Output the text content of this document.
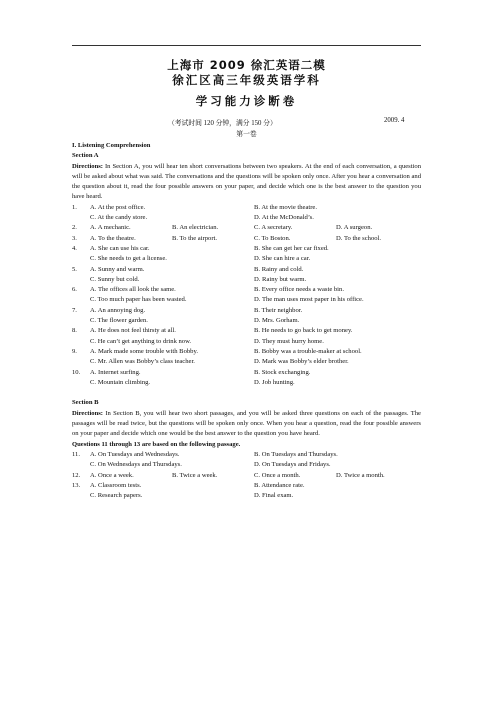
上海市 2009 徐汇英语二模
徐汇区高三年级英语学科
学习能力诊断卷
（考试时间 120 分钟，满分 150 分）	2009. 4
第一卷
I. Listening Comprehension
Section A
Directions: In Section A, you will hear ten short conversations between two speakers. At the end of each conversation, a question will be asked about what was said. The conversations and the questions will be spoken only once. After you hear a conversation and the question about it, read the four possible answers on your paper, and decide which one is the best answer to the question you have heard.
1.	A. At the post office.	B. At the movie theatre.
C. At the candy store.	D. At the McDonald’s.
2.	A. A mechanic.	B. An electrician.	C. A secretary.	D. A surgeon.
3.	A. To the theatre.	B. To the airport.	C. To Boston.	D. To the school.
4.	A. She can use his car.	B. She can get her car fixed.
C. She needs to get a license.	D. She can hire a car.
5.	A. Sunny and warm.	B. Rainy and cold.
C. Sunny but cold.	D. Rainy but warm.
6.	A. The offices all look the same.	B. Every office needs a waste bin.
C. Too much paper has been wasted.	D. The man uses most paper in his office.
7.	A. An annoying dog.	B. Their neighbor.
C. The flower garden.	D. Mrs. Gorham.
8.	A. He does not feel thirsty at all.	B. He needs to go back to get money.
C. He can’t get anything to drink now.	D. They must hurry home.
9.	A. Mark made some trouble with Bobby.	B. Bobby was a trouble-maker at school.
C. Mr. Allen was Bobby’s class teacher.	D. Mark was Bobby’s elder brother.
10.	A. Internet surfing.	B. Stock exchanging.
C. Mountain climbing.	D. Job hunting.
Section B
Directions: In Section B, you will hear two short passages, and you will be asked three questions on each of the passages. The passages will be read twice, but the questions will be spoken only once. When you hear a question, read the four possible answers on your paper and decide which one would be the best answer to the question you have heard.
Questions 11 through 13 are based on the following passage.
11.	A. On Tuesdays and Wednesdays.	B. On Tuesdays and Thursdays.
C. On Wednesdays and Thursdays.	D. On Tuesdays and Fridays.
12.	A. Once a week.	B. Twice a week.	C. Once a month.	D. Twice a month.
13.	A. Classroom tests.	B. Attendance rate.
C. Research papers.	D. Final exam.
